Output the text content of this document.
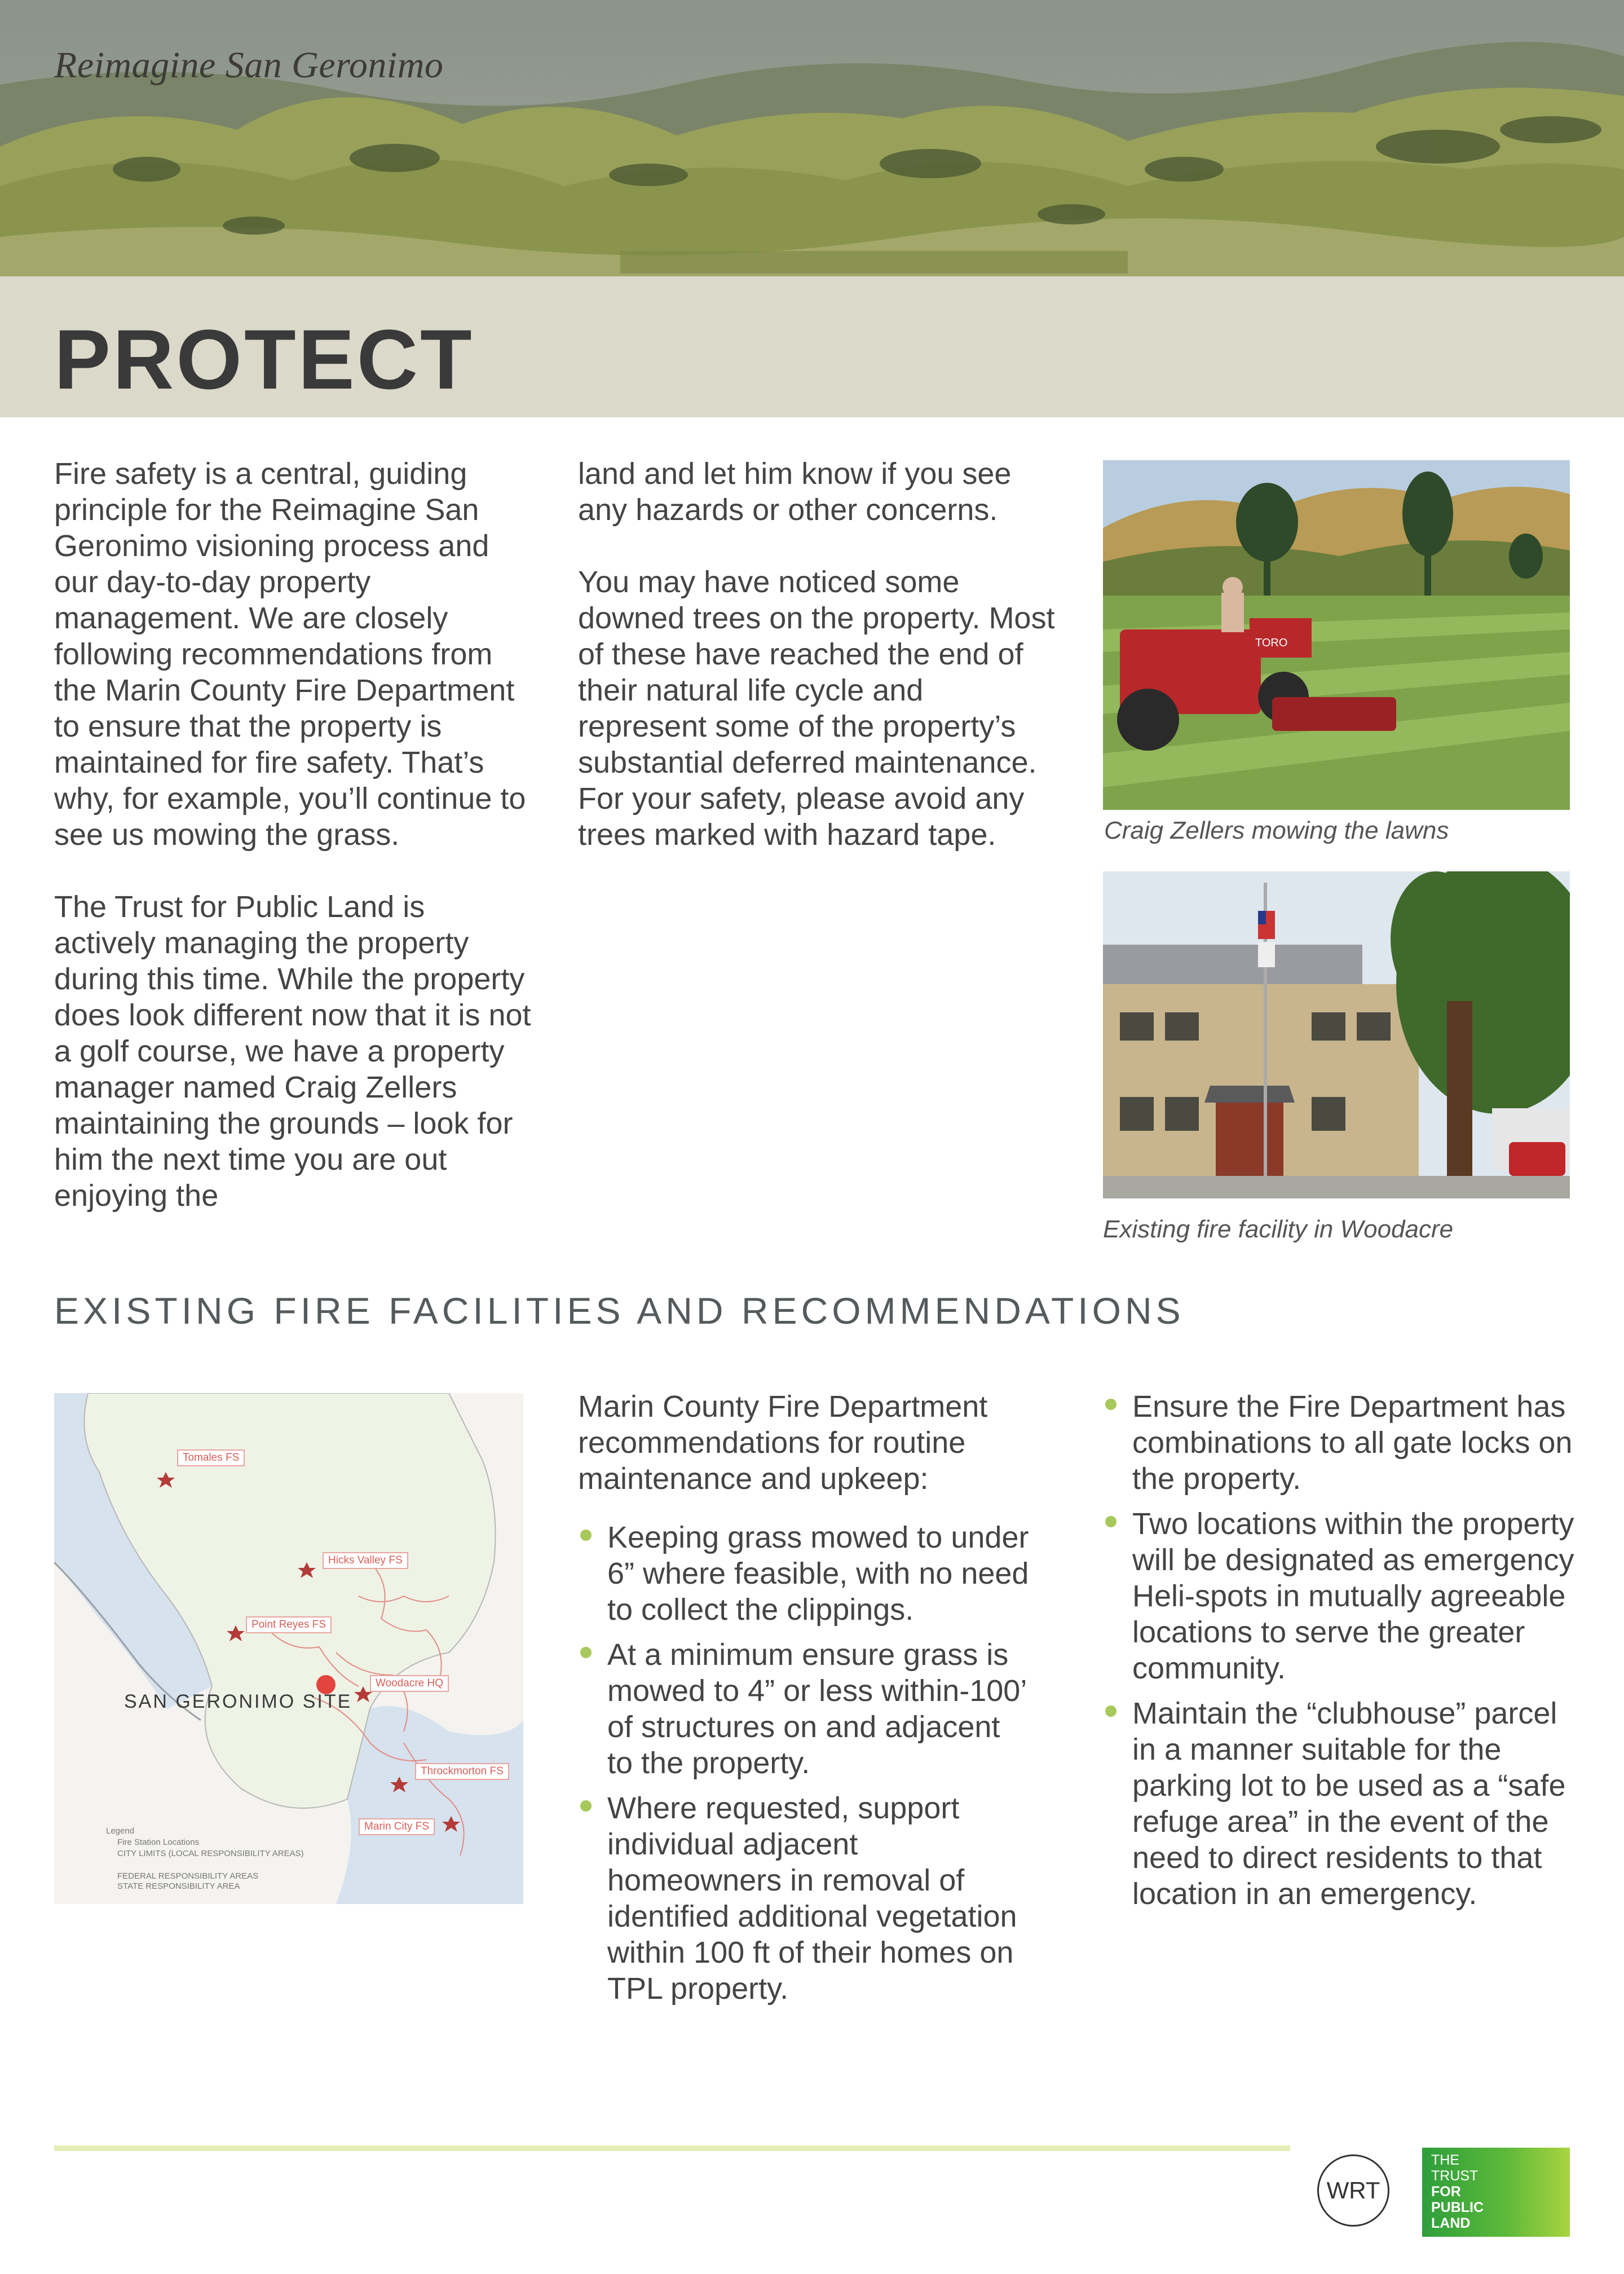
Reimagine San Geronimo
PROTECT

Fire safety is a central, guiding principle for the Reimagine San Geronimo visioning process and our day-to-day property management. We are closely following recommendations from the Marin County Fire Department to ensure that the property is maintained for fire safety. That’s why, for example, you’ll continue to see us mowing the grass.

The Trust for Public Land is actively managing the property during this time. While the property does look different now that it is not a golf course, we have a property manager named Craig Zellers maintaining the grounds – look for him the next time you are out enjoying the

land and let him know if you see any hazards or other concerns.

You may have noticed some downed trees on the property. Most of these have reached the end of their natural life cycle and represent some of the property’s substantial deferred maintenance. For your safety, please avoid any trees marked with hazard tape.

TORO
Craig Zellers mowing the lawns
Existing fire facility in Woodacre
EXISTING FIRE FACILITIES AND RECOMMENDATIONS
Tomales FS
Hicks Valley FS
Point Reyes FS
Woodacre HQ
Throckmorton FS
Marin City FS
SAN GERONIMO SITE
Legend
Fire Station Locations
CITY LIMITS (LOCAL RESPONSIBILITY AREAS)
FEDERAL RESPONSIBILITY AREAS
STATE RESPONSIBILITY AREA

Marin County Fire Department recommendations for routine maintenance and upkeep:

Keeping grass mowed to under 6” where feasible, with no need to collect the clippings.
At a minimum ensure grass is mowed to 4” or less within-100’ of structures on and adjacent to the property.
Where requested, support individual adjacent homeowners in removal of identified additional vegetation within 100 ft of their homes on TPL property.
Ensure the Fire Department has combinations to all gate locks on the property.
Two locations within the property will be designated as emergency Heli-spots in mutually agreeable locations to serve the greater community.
Maintain the “clubhouse” parcel in a manner suitable for the parking lot to be used as a “safe refuge area” in the event of the need to direct residents to that location in an emergency.
WRT
THE
TRUST
FOR
PUBLIC
LAND
